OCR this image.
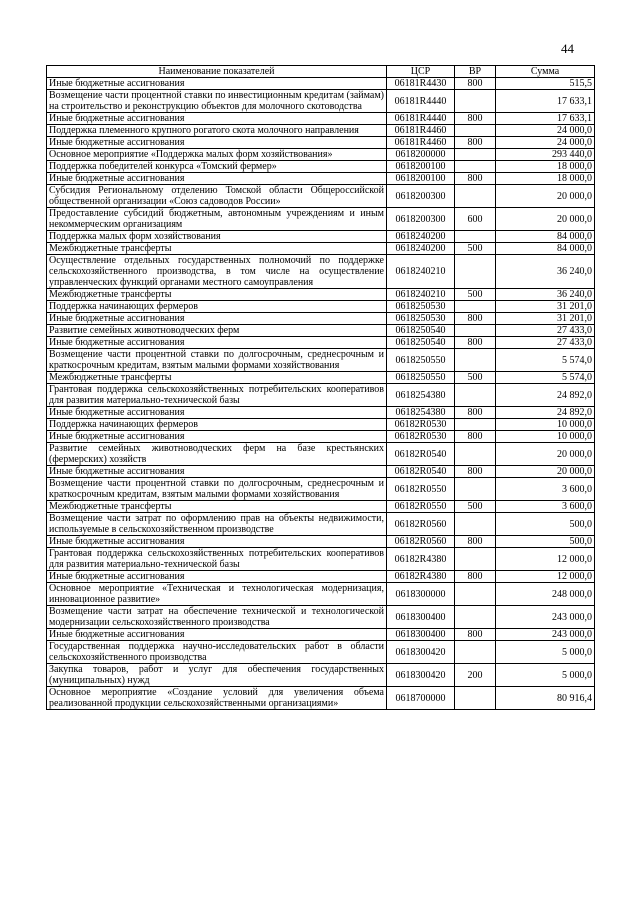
44
Наименование показателей	ЦСР	ВР	Сумма
Иные бюджетные ассигнования	06181R4430	800	515,5
Возмещение части процентной ставки по инвестиционным кредитам (займам) на строительство и реконструкцию объектов для молочного скотоводства	06181R4440		17 633,1
Иные бюджетные ассигнования	06181R4440	800	17 633,1
Поддержка племенного крупного рогатого скота молочного направления	06181R4460		24 000,0
Иные бюджетные ассигнования	06181R4460	800	24 000,0
Основное мероприятие «Поддержка малых форм хозяйствования»	0618200000		293 440,0
Поддержка победителей конкурса «Томский фермер»	0618200100		18 000,0
Иные бюджетные ассигнования	0618200100	800	18 000,0
Субсидия Региональному отделению Томской области Общероссийской общественной организации «Союз садоводов России»	0618200300		20 000,0
Предоставление субсидий бюджетным, автономным учреждениям и иным некоммерческим организациям	0618200300	600	20 000,0
Поддержка малых форм хозяйствования	0618240200		84 000,0
Межбюджетные трансферты	0618240200	500	84 000,0
Осуществление отдельных государственных полномочий по поддержке сельскохозяйственного производства, в том числе на осуществление управленческих функций органами местного самоуправления	0618240210		36 240,0
Межбюджетные трансферты	0618240210	500	36 240,0
Поддержка начинающих фермеров	0618250530		31 201,0
Иные бюджетные ассигнования	0618250530	800	31 201,0
Развитие семейных животноводческих ферм	0618250540		27 433,0
Иные бюджетные ассигнования	0618250540	800	27 433,0
Возмещение части процентной ставки по долгосрочным, среднесрочным и краткосрочным кредитам, взятым малыми формами хозяйствования	0618250550		5 574,0
Межбюджетные трансферты	0618250550	500	5 574,0
Грантовая поддержка сельскохозяйственных потребительских кооперативов для развития материально-технической базы	0618254380		24 892,0
Иные бюджетные ассигнования	0618254380	800	24 892,0
Поддержка начинающих фермеров	06182R0530		10 000,0
Иные бюджетные ассигнования	06182R0530	800	10 000,0
Развитие семейных животноводческих ферм на базе крестьянских (фермерских) хозяйств	06182R0540		20 000,0
Иные бюджетные ассигнования	06182R0540	800	20 000,0
Возмещение части процентной ставки по долгосрочным, среднесрочным и краткосрочным кредитам, взятым малыми формами хозяйствования	06182R0550		3 600,0
Межбюджетные трансферты	06182R0550	500	3 600,0
Возмещение части затрат по оформлению прав на объекты недвижимости, используемые в сельскохозяйственном производстве	06182R0560		500,0
Иные бюджетные ассигнования	06182R0560	800	500,0
Грантовая поддержка сельскохозяйственных потребительских кооперативов для развития материально-технической базы	06182R4380		12 000,0
Иные бюджетные ассигнования	06182R4380	800	12 000,0
Основное мероприятие «Техническая и технологическая модернизация, инновационное развитие»	0618300000		248 000,0
Возмещение части затрат на обеспечение технической и технологической модернизации сельскохозяйственного производства	0618300400		243 000,0
Иные бюджетные ассигнования	0618300400	800	243 000,0
Государственная поддержка научно-исследовательских работ в области сельскохозяйственного производства	0618300420		5 000,0
Закупка товаров, работ и услуг для обеспечения государственных (муниципальных) нужд	0618300420	200	5 000,0
Основное мероприятие «Создание условий для увеличения объема реализованной продукции сельскохозяйственными организациями»	0618700000		80 916,4
